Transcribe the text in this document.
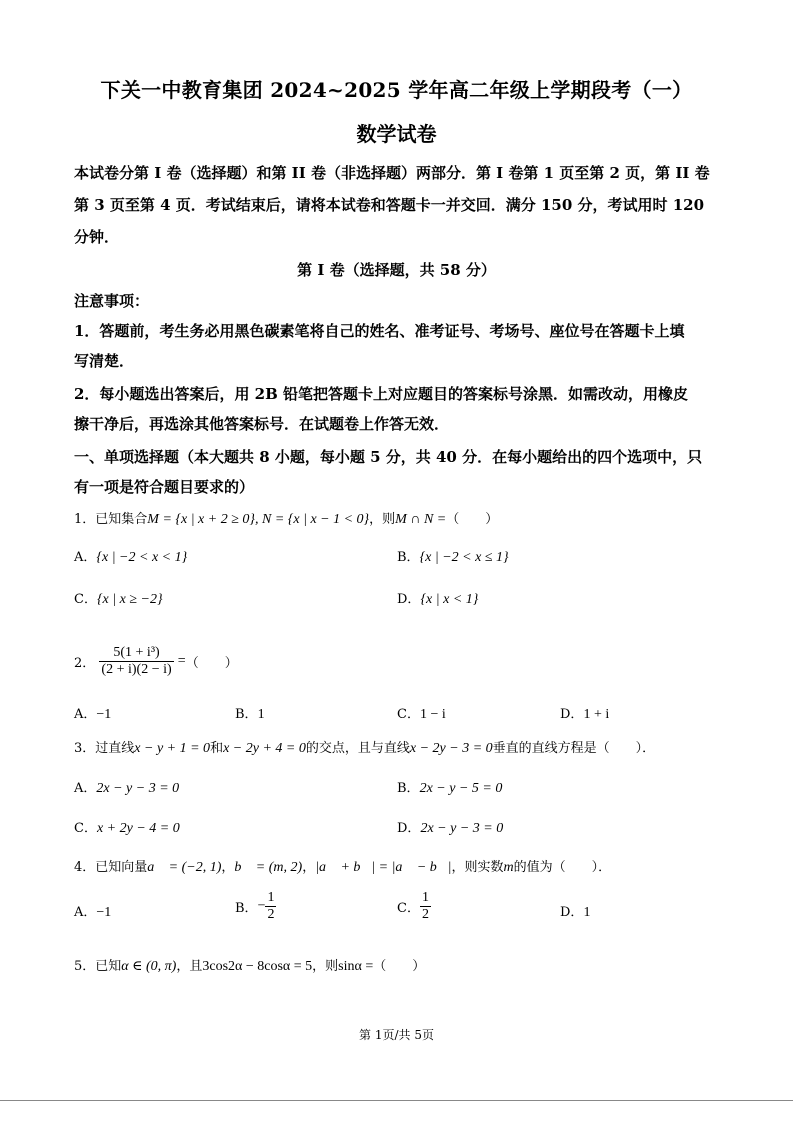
下关一中教育集团 2024~2025 学年高二年级上学期段考（一）
数学试卷
本试卷分第 I 卷（选择题）和第 II 卷（非选择题）两部分．第 I 卷第 1 页至第 2 页，第 II 卷
第 3 页至第 4 页．考试结束后，请将本试卷和答题卡一并交回．满分 150 分，考试用时 120
分钟．
第 I 卷（选择题，共 58 分）
注意事项：
1．答题前，考生务必用黑色碳素笔将自己的姓名、准考证号、考场号、座位号在答题卡上填
写清楚．
2．每小题选出答案后，用 2B 铅笔把答题卡上对应题目的答案标号涂黑．如需改动，用橡皮
擦干净后，再选涂其他答案标号．在试题卷上作答无效．
一、单项选择题（本大题共 8 小题，每小题 5 分，共 40 分．在每小题给出的四个选项中，只
有一项是符合题目要求的）
1．已知集合M = {x | x + 2 ≥ 0}, N = {x | x − 1 < 0}，则M ∩ N =（　　）
A．{x | −2 < x < 1}	B．{x | −2 < x ≤ 1}
C．{x | x ≥ −2}	D．{x | x < 1}
2． $\frac{\text{5(1 + i³)}}{(2 + i)(2 - i)}$ =（　　）
A．−1	B．1	C．1 − i	D．1 + i
3．过直线x − y + 1 = 0和x − 2y + 4 = 0的交点，且与直线x − 2y − 3 = 0垂直的直线方程是（　　）．
A．2x − y − 3 = 0	B．2x − y − 5 = 0
C．x + 2y − 4 = 0	D．2x − y − 3 = 0
4．已知向量a⃗ = (−2, 1)，b⃗ = (m, 2)，|a⃗ + b⃗| = |a⃗ − b⃗|，则实数m的值为（　　）．
A．−1	B．− $\frac{1}{2}$	C． $\frac{1}{2}$	D．1
5．已知α ∈ (0, π)，且3cos2α − 8cosα = 5，则sinα =（　　）
第 1页/共 5页
